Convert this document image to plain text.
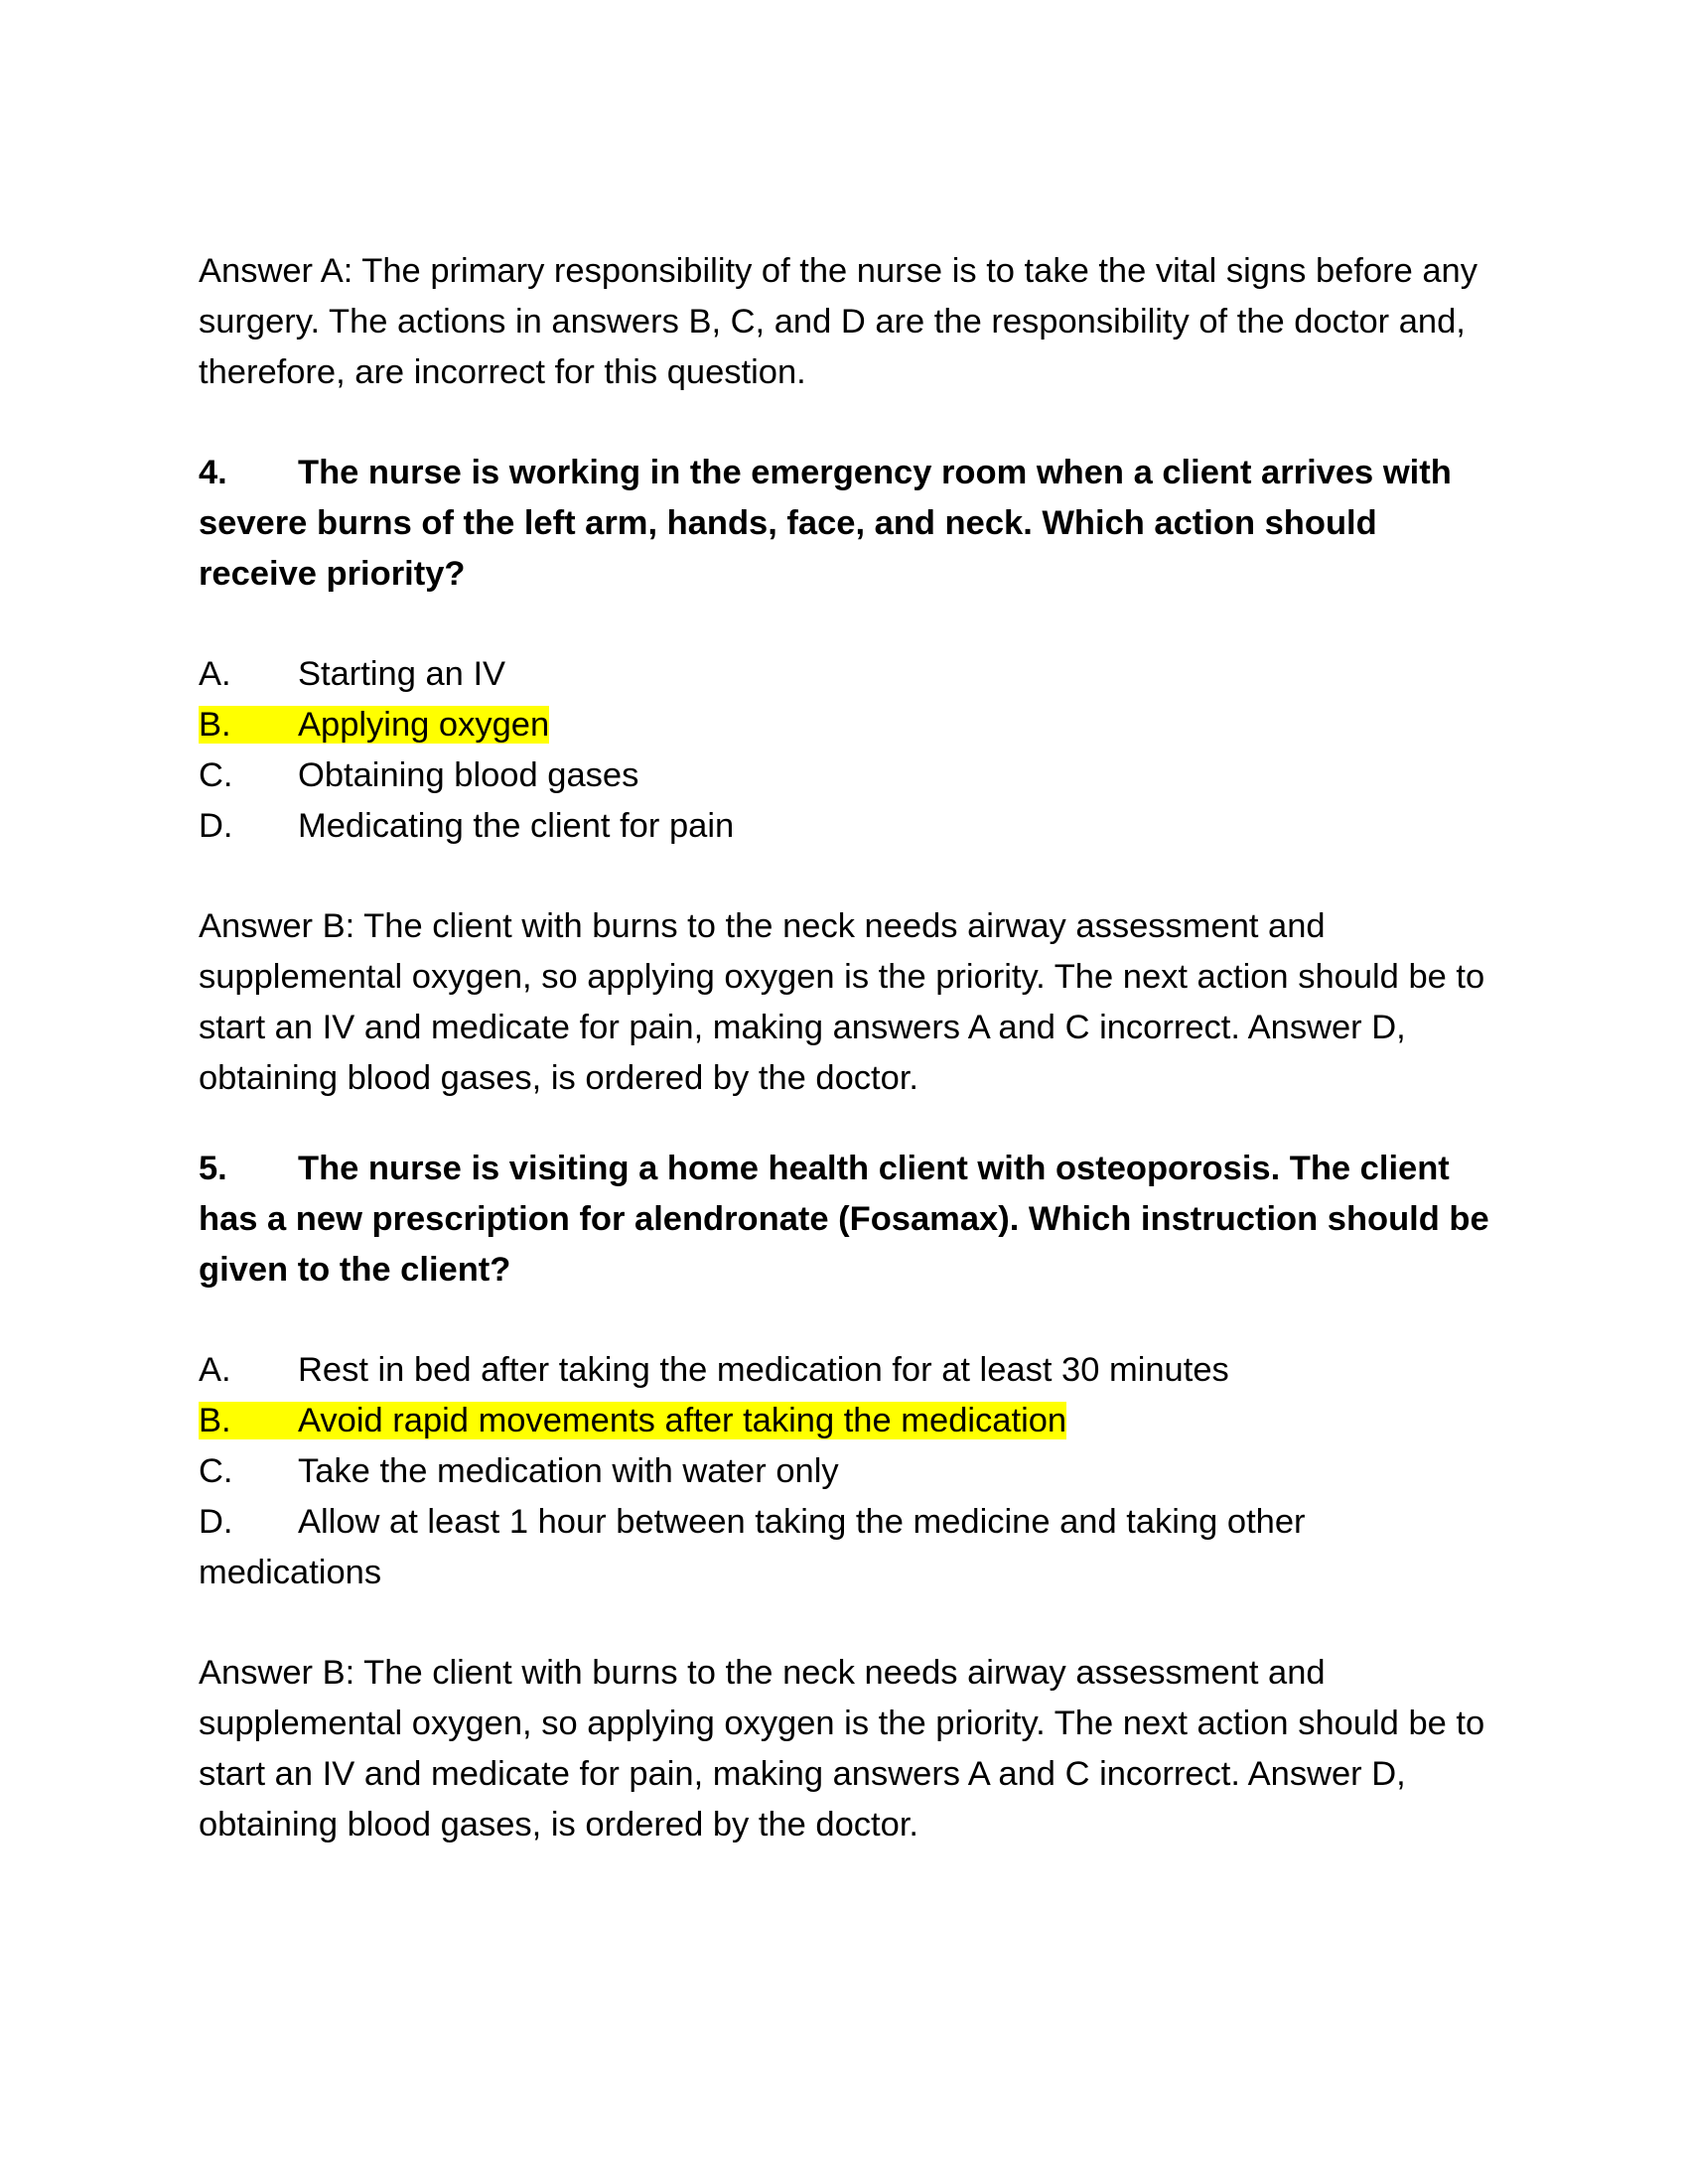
Answer A: The primary responsibility of the nurse is to take the vital signs before any surgery. The actions in answers B, C, and D are the responsibility of the doctor and, therefore, are incorrect for this question.

4. The nurse is working in the emergency room when a client arrives with severe burns of the left arm, hands, face, and neck. Which action should receive priority?

A. Starting an IV
B. Applying oxygen
C. Obtaining blood gases
D. Medicating the client for pain

Answer B: The client with burns to the neck needs airway assessment and supplemental oxygen, so applying oxygen is the priority. The next action should be to start an IV and medicate for pain, making answers A and C incorrect. Answer D, obtaining blood gases, is ordered by the doctor.

5. The nurse is visiting a home health client with osteoporosis. The client has a new prescription for alendronate (Fosamax). Which instruction should be given to the client?

A. Rest in bed after taking the medication for at least 30 minutes
B. Avoid rapid movements after taking the medication
C. Take the medication with water only
D. Allow at least 1 hour between taking the medicine and taking other medications

Answer B: The client with burns to the neck needs airway assessment and supplemental oxygen, so applying oxygen is the priority. The next action should be to start an IV and medicate for pain, making answers A and C incorrect. Answer D, obtaining blood gases, is ordered by the doctor.
